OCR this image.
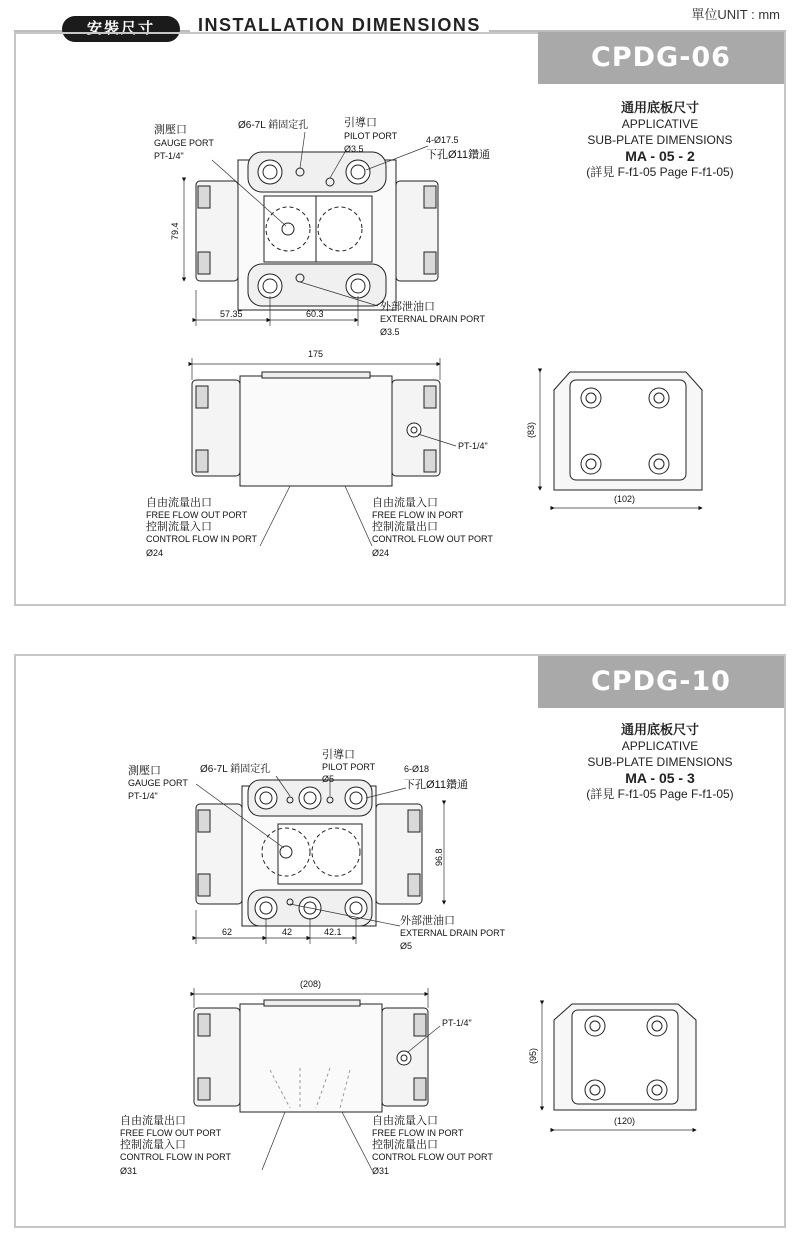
單位UNIT : mm
安裝尺寸	INSTALLATION DIMENSIONS
CPDG-06
通用底板尺寸
APPLICATIVE
SUB-PLATE DIMENSIONS
MA - 05 - 2
(詳見 F-f1-05 Page F-f1-05)
測壓口
GAUGE PORT
PT-1/4"
Ø6-7L 銷固定孔	引導口
PILOT PORT
Ø3.5
4-Ø17.5
下孔Ø11鑽通
79.4
57.35	60.3
外部泄油口
EXTERNAL DRAIN PORT
Ø3.5
175
PT-1/4"
自由流量出口
FREE FLOW OUT PORT
控制流量入口
CONTROL FLOW IN PORT
Ø24
自由流量入口
FREE FLOW IN PORT
控制流量出口
CONTROL FLOW OUT PORT
Ø24
(83)
(102)
CPDG-10
通用底板尺寸
APPLICATIVE
SUB-PLATE DIMENSIONS
MA - 05 - 3
(詳見 F-f1-05 Page F-f1-05)
測壓口
GAUGE PORT
PT-1/4"
Ø6-7L 銷固定孔
引導口
PILOT PORT
Ø5
6-Ø18
下孔Ø11鑽通
96.8
62	42	42.1
外部泄油口
EXTERNAL DRAIN PORT
Ø5
(208)
PT-1/4"
自由流量出口
FREE FLOW OUT PORT
控制流量入口
CONTROL FLOW IN PORT
Ø31
自由流量入口
FREE FLOW IN PORT
控制流量出口
CONTROL FLOW OUT PORT
Ø31
(95)
(120)
